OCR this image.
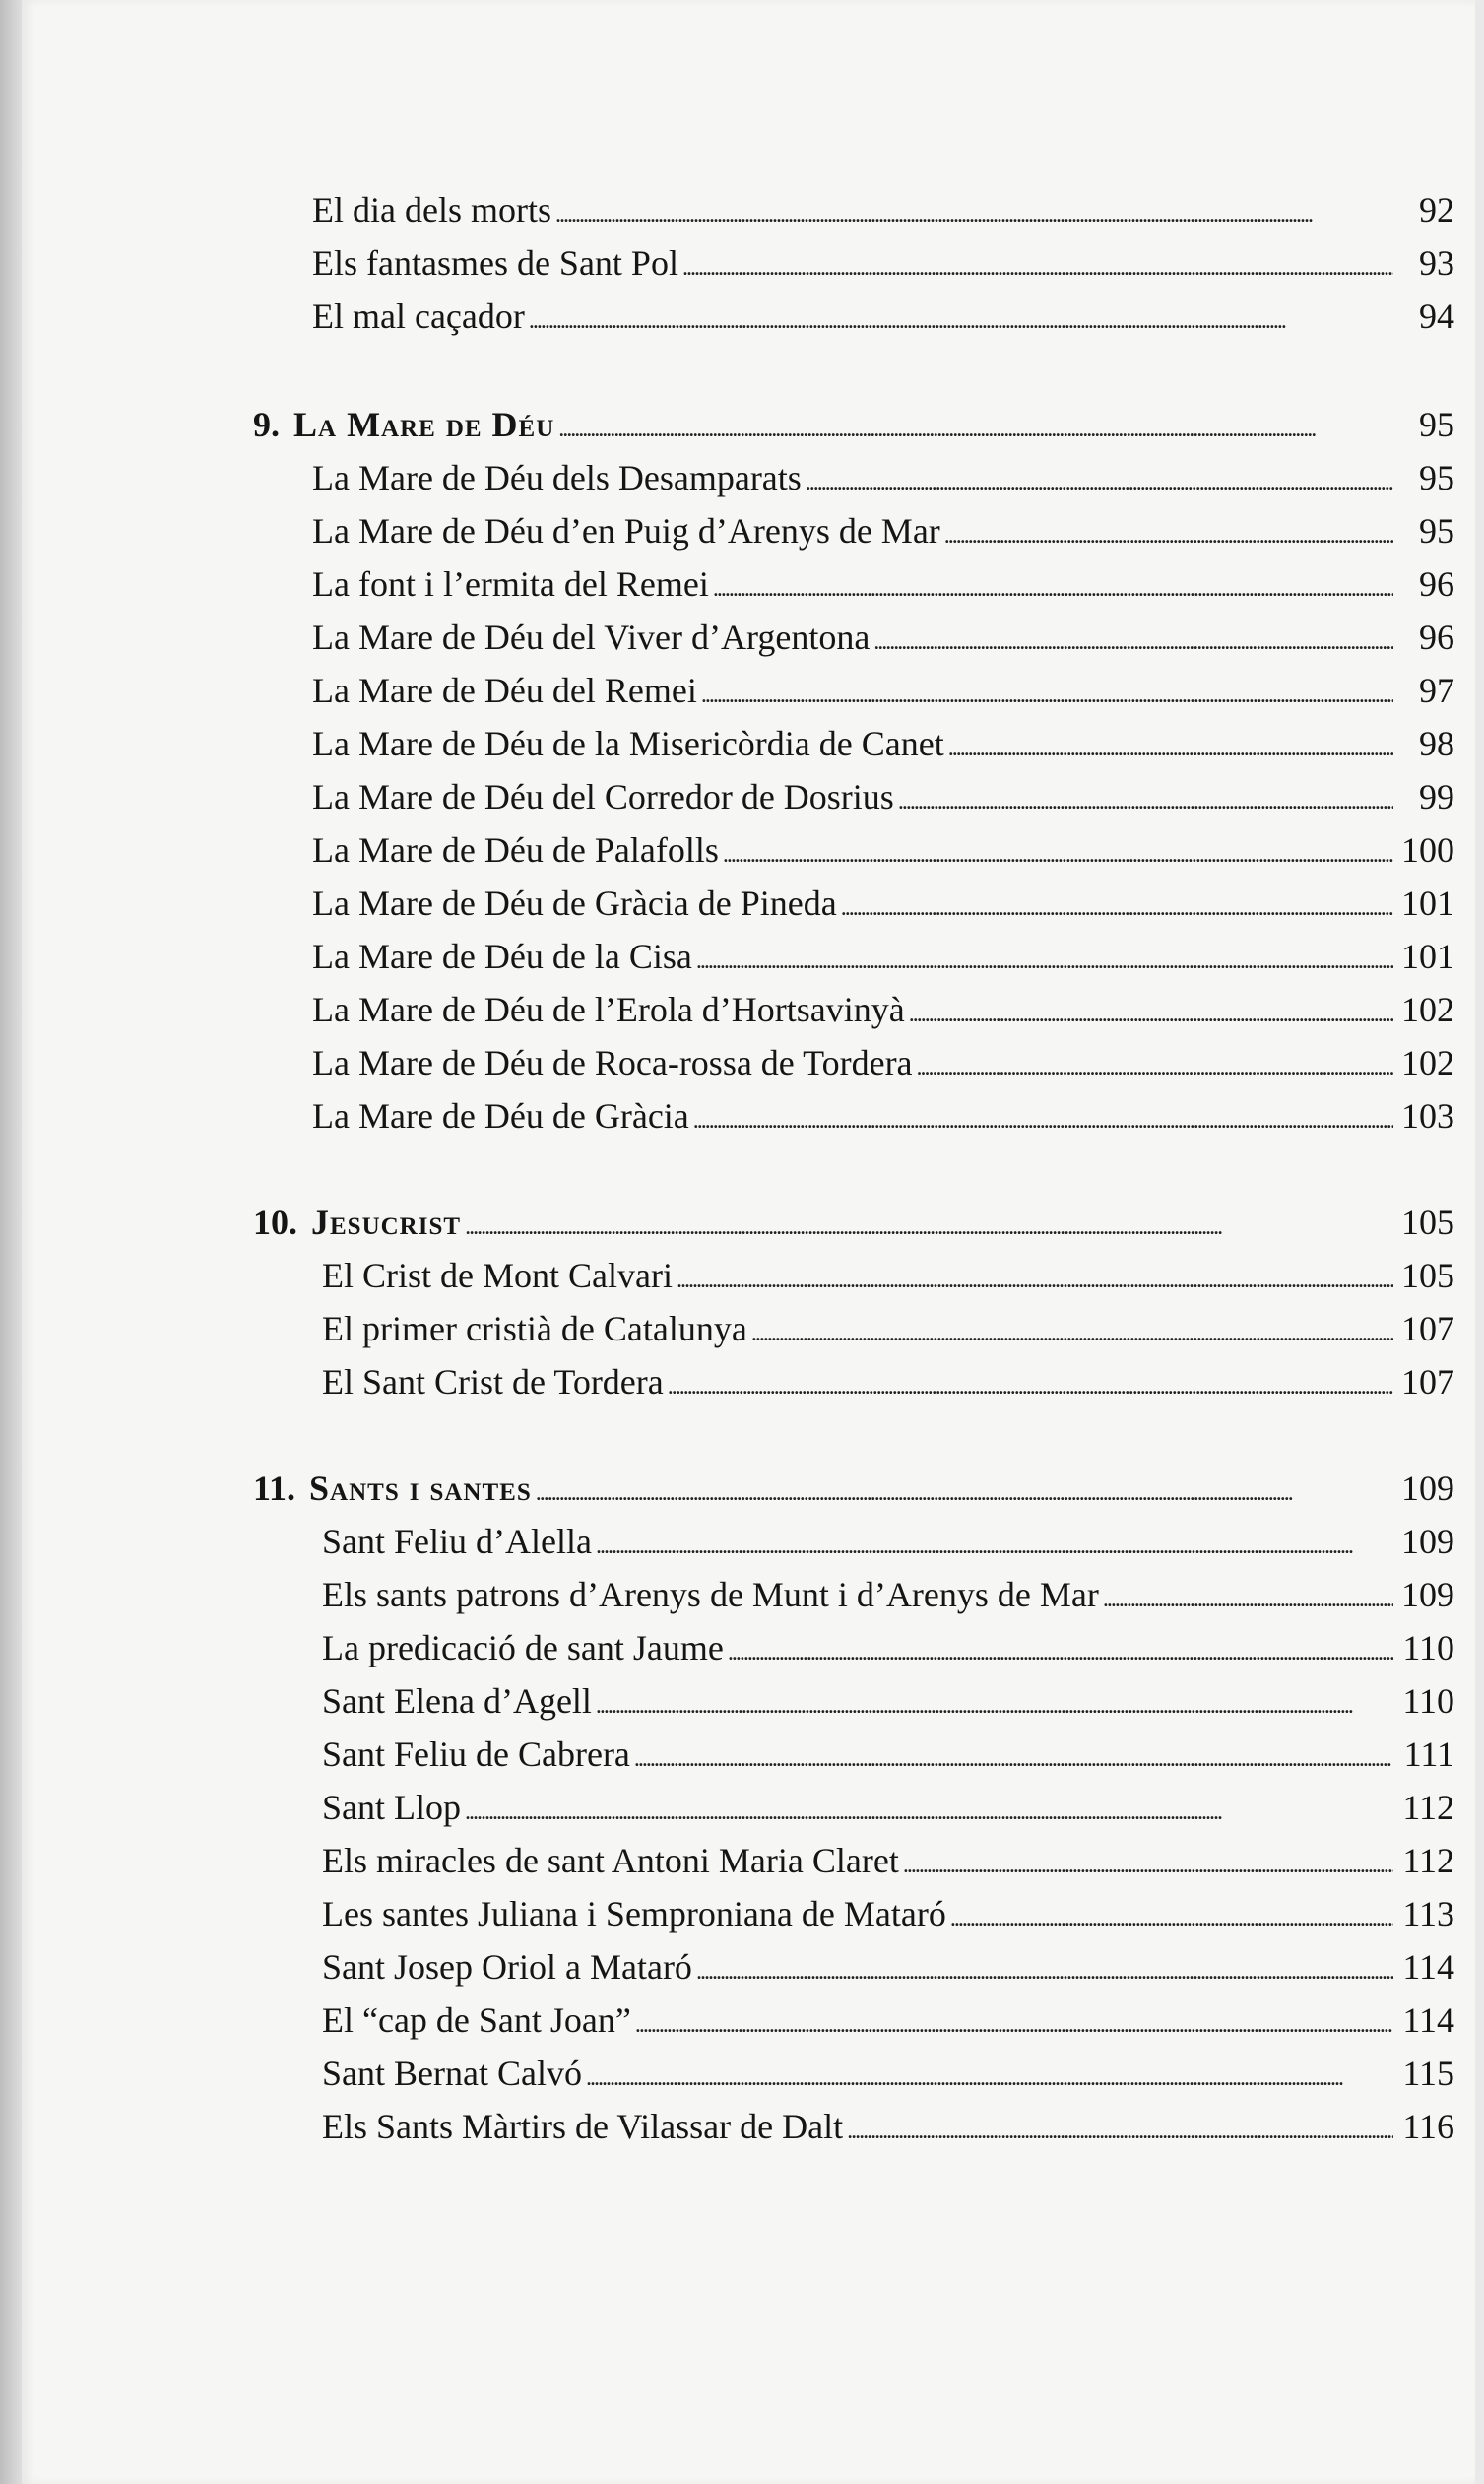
El dia dels morts . . .	92
Els fantasmes de Sant Pol . . .	93
El mal caçador . . .	94
9. La Mare de Déu . . .	95
La Mare de Déu dels Desamparats . . .	95
La Mare de Déu d’en Puig d’Arenys de Mar . . .	95
La font i l’ermita del Remei . . .	96
La Mare de Déu del Viver d’Argentona . . .	96
La Mare de Déu del Remei . . .	97
La Mare de Déu de la Misericòrdia de Canet . . .	98
La Mare de Déu del Corredor de Dosrius . . .	99
La Mare de Déu de Palafolls . . .	100
La Mare de Déu de Gràcia de Pineda . . .	101
La Mare de Déu de la Cisa . . .	101
La Mare de Déu de l’Erola d’Hortsavinyà . . .	102
La Mare de Déu de Roca-rossa de Tordera . . .	102
La Mare de Déu de Gràcia . . .	103
10. Jesucrist . . .	105
El Crist de Mont Calvari . . .	105
El primer cristià de Catalunya . . .	107
El Sant Crist de Tordera . . .	107
11. Sants i santes . . .	109
Sant Feliu d’Alella . . .	109
Els sants patrons d’Arenys de Munt i d’Arenys de Mar . . .	109
La predicació de sant Jaume . . .	110
Sant Elena d’Agell . . .	110
Sant Feliu de Cabrera . . .	111
Sant Llop . . .	112
Els miracles de sant Antoni Maria Claret . . .	112
Les santes Juliana i Semproniana de Mataró . . .	113
Sant Josep Oriol a Mataró . . .	114
El “cap de Sant Joan” . . .	114
Sant Bernat Calvó . . .	115
Els Sants Màrtirs de Vilassar de Dalt . . .	116
